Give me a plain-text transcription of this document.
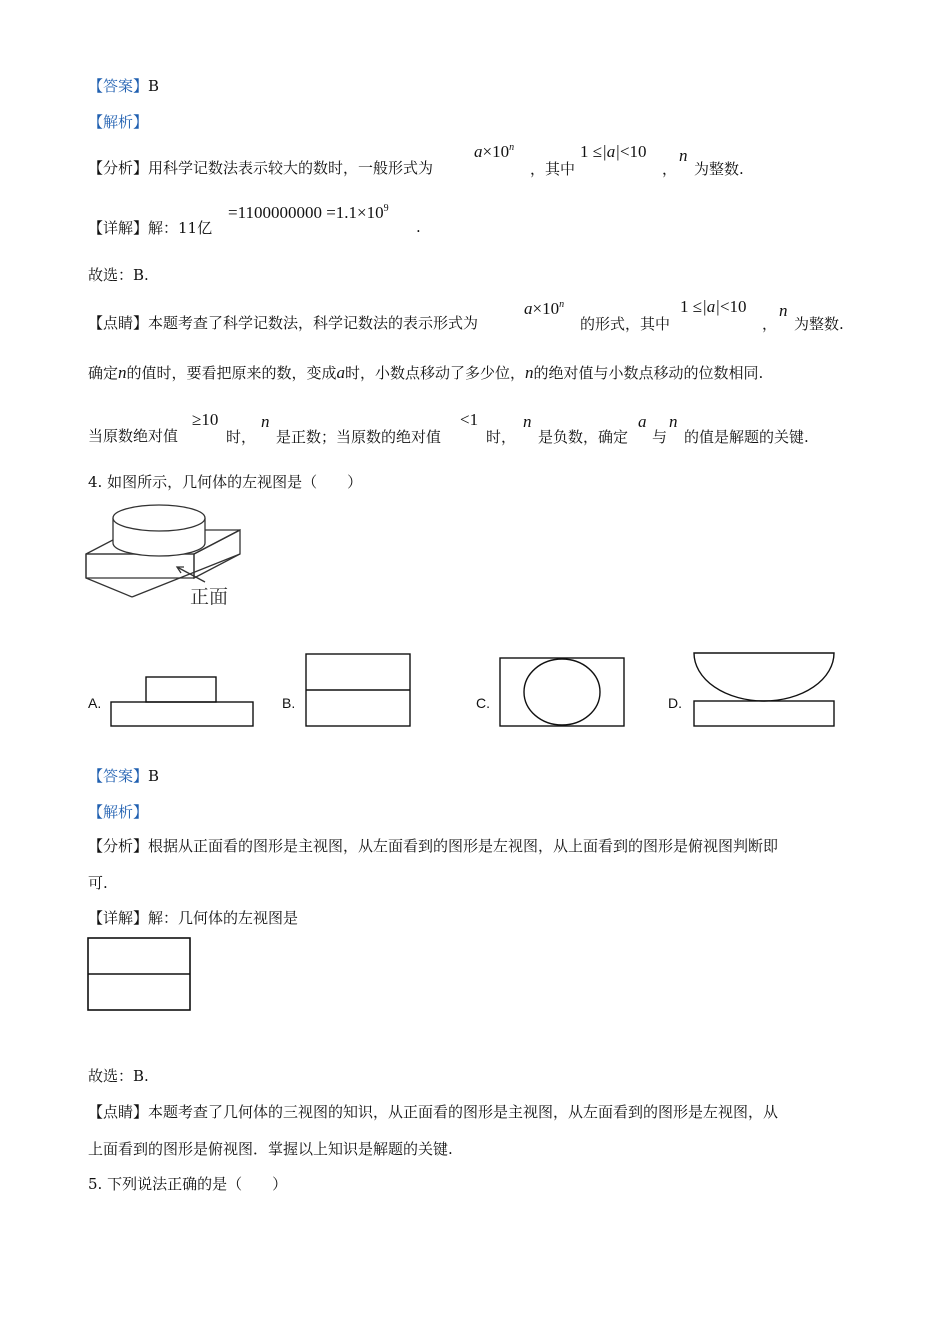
【答案】B
【解析】
【分析】用科学记数法表示较大的数时，一般形式为
$a\times 10^n$
，其中
1 ≤|a|<10
，
n
为整数.
【详解】解：11亿
$=1100000000 =1.1\times 10^9$
.
故选：B.
【点睛】本题考查了科学记数法，科学记数法的表示形式为
$a\times 10^n$
的形式，其中
1 ≤|a|<10
，
n
为整数.
确定n的值时，要看把原来的数，变成a时，小数点移动了多少位，n的绝对值与小数点移动的位数相同.
当原数绝对值
≥10
时，
n
是正数；当原数的绝对值
<1
时，
n
是负数，确定
a
与
n
的值是解题的关键.
4. 如图所示，几何体的左视图是（　　）
正面
A.	B.	C.	D.
【答案】B
【解析】
【分析】根据从正面看的图形是主视图，从左面看到的图形是左视图，从上面看到的图形是俯视图判断即
可.
【详解】解：几何体的左视图是
故选：B.
【点睛】本题考查了几何体的三视图的知识，从正面看的图形是主视图，从左面看到的图形是左视图，从
上面看到的图形是俯视图．掌握以上知识是解题的关键.
5. 下列说法正确的是（　　）
